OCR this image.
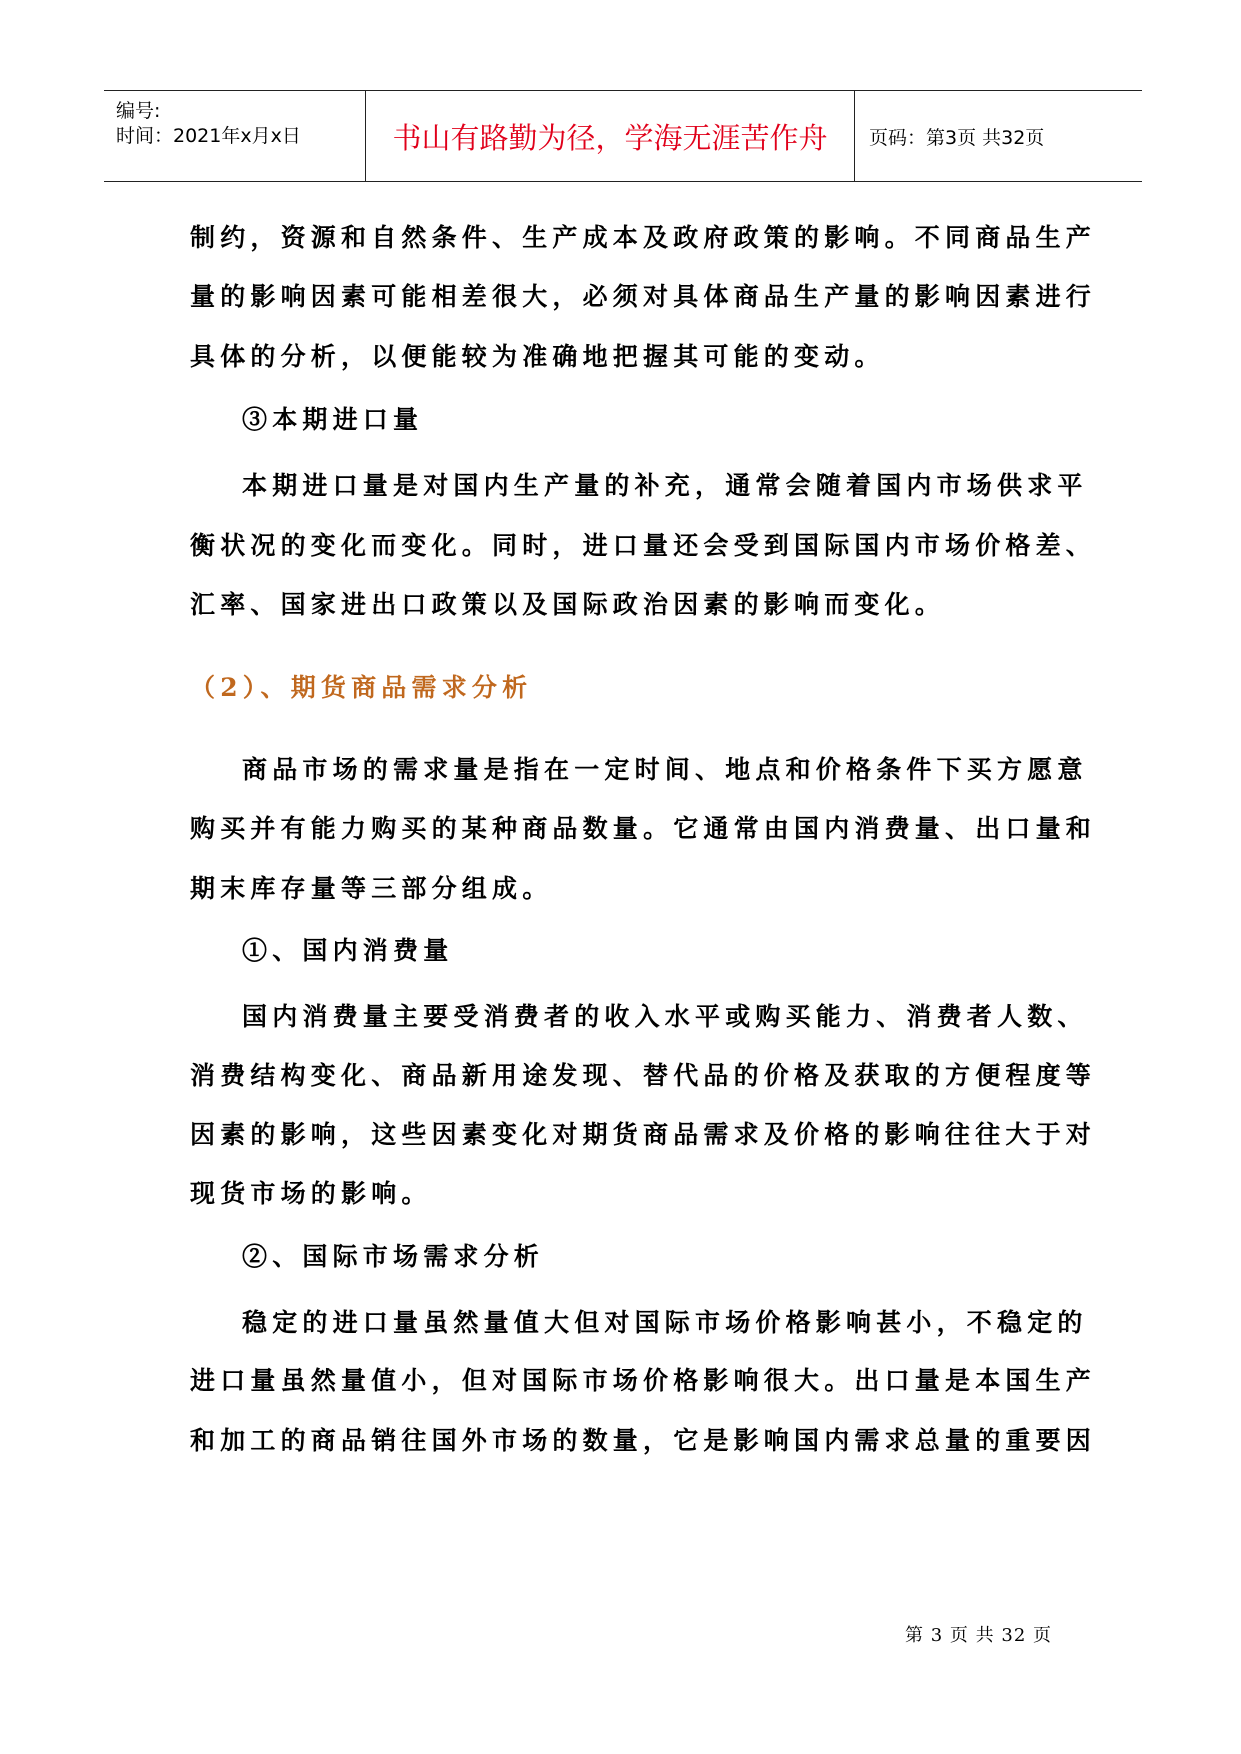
编号:
时间：2021年x月x日	书山有路勤为径，学海无涯苦作舟	页码：第3页 共32页
制约，资源和自然条件、生产成本及政府政策的影响。不同商品生产
量的影响因素可能相差很大，必须对具体商品生产量的影响因素进行
具体的分析，以便能较为准确地把握其可能的变动。
③本期进口量
本期进口量是对国内生产量的补充，通常会随着国内市场供求平
衡状况的变化而变化。同时，进口量还会受到国际国内市场价格差、
汇率、国家进出口政策以及国际政治因素的影响而变化。
（2）、期货商品需求分析
商品市场的需求量是指在一定时间、地点和价格条件下买方愿意
购买并有能力购买的某种商品数量。它通常由国内消费量、出口量和
期末库存量等三部分组成。
①、国内消费量
国内消费量主要受消费者的收入水平或购买能力、消费者人数、
消费结构变化、商品新用途发现、替代品的价格及获取的方便程度等
因素的影响，这些因素变化对期货商品需求及价格的影响往往大于对
现货市场的影响。
②、国际市场需求分析
稳定的进口量虽然量值大但对国际市场价格影响甚小，不稳定的
进口量虽然量值小，但对国际市场价格影响很大。出口量是本国生产
和加工的商品销往国外市场的数量，它是影响国内需求总量的重要因
第 3 页 共 32 页
